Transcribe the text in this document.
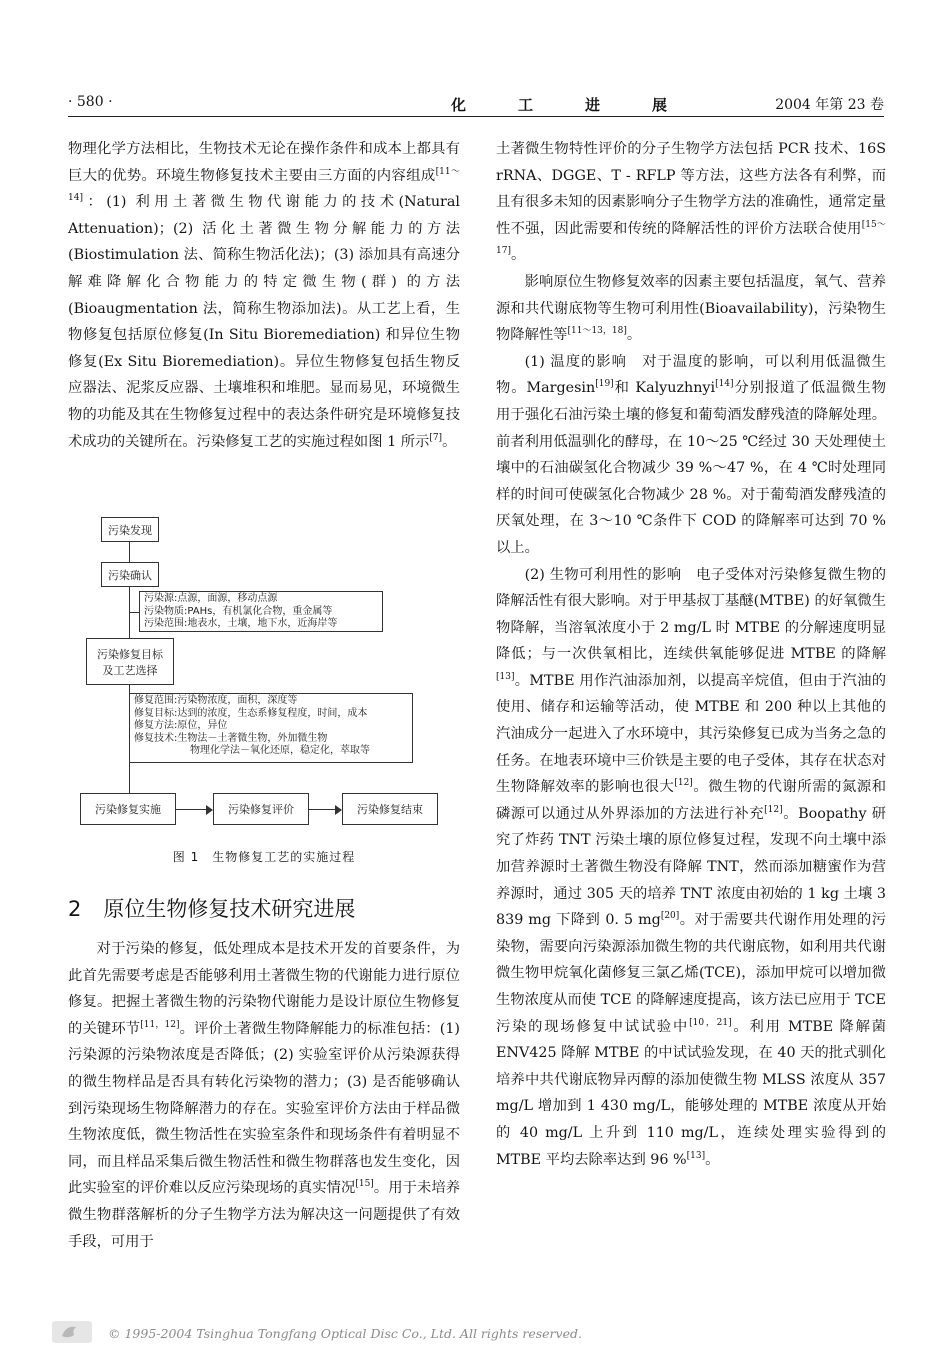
· 580 ·	化工进展	2004 年第 23 卷

物理化学方法相比，生物技术无论在操作条件和成本上都具有巨大的优势。环境生物修复技术主要由三方面的内容组成[11～14]：(1) 利用土著微生物代谢能力的技术(Natural Attenuation)；(2) 活化土著微生物分解能力的方法(Biostimulation 法、简称生物活化法)；(3) 添加具有高速分解难降解化合物能力的特定微生物(群) 的方法(Bioaugmentation 法，简称生物添加法)。从工艺上看，生物修复包括原位修复(In Situ Bioremediation) 和异位生物修复(Ex Situ Bioremediation)。异位生物修复包括生物反应器法、泥浆反应器、土壤堆积和堆肥。显而易见，环境微生物的功能及其在生物修复过程中的表达条件研究是环境修复技术成功的关键所在。污染修复工艺的实施过程如图 1 所示[7]。

污染发现
污染确认
污染源:点源，面源，移动点源
污染物质:PAHs，有机氯化合物，重金属等
污染范围:地表水，土壤，地下水，近海岸等
污染修复目标
及工艺选择
修复范围:污染物浓度，面积，深度等
修复目标:达到的浓度，生态系修复程度，时间，成本
修复方法:原位，异位
修复技术:生物法－土著微生物，外加微生物
物理化学法－氧化还原，稳定化，萃取等
污染修复实施	污染修复评价	污染修复结束
图 1　生物修复工艺的实施过程
2 原位生物修复技术研究进展

对于污染的修复，低处理成本是技术开发的首要条件，为此首先需要考虑是否能够利用土著微生物的代谢能力进行原位修复。把握土著微生物的污染物代谢能力是设计原位生物修复的关键环节[11，12]。评价土著微生物降解能力的标准包括：(1) 污染源的污染物浓度是否降低；(2) 实验室评价从污染源获得的微生物样品是否具有转化污染物的潜力；(3) 是否能够确认到污染现场生物降解潜力的存在。实验室评价方法由于样品微生物浓度低，微生物活性在实验室条件和现场条件有着明显不同，而且样品采集后微生物活性和微生物群落也发生变化，因此实验室的评价难以反应污染现场的真实情况[15]。用于未培养微生物群落解析的分子生物学方法为解决这一问题提供了有效手段，可用于

土著微生物特性评价的分子生物学方法包括 PCR 技术、16S rRNA、DGGE、T - RFLP 等方法，这些方法各有利弊，而且有很多未知的因素影响分子生物学方法的准确性，通常定量性不强，因此需要和传统的降解活性的评价方法联合使用[15～17]。

影响原位生物修复效率的因素主要包括温度，氧气、营养源和共代谢底物等生物可利用性(Bioavailability)，污染物生物降解性等[11～13，18]。

(1) 温度的影响　对于温度的影响，可以利用低温微生物。Margesin[19]和 Kalyuzhnyi[14]分别报道了低温微生物用于强化石油污染土壤的修复和葡萄酒发酵残渣的降解处理。前者利用低温驯化的酵母，在 10～25 ℃经过 30 天处理使土壤中的石油碳氢化合物减少 39 %～47 %，在 4 ℃时处理同样的时间可使碳氢化合物减少 28 %。对于葡萄酒发酵残渣的厌氧处理，在 3～10 ℃条件下 COD 的降解率可达到 70 %以上。

(2) 生物可利用性的影响　电子受体对污染修复微生物的降解活性有很大影响。对于甲基叔丁基醚(MTBE) 的好氧微生物降解，当溶氧浓度小于 2 mg/L 时 MTBE 的分解速度明显降低；与一次供氧相比，连续供氧能够促进 MTBE 的降解[13]。MTBE 用作汽油添加剂，以提高辛烷值，但由于汽油的使用、储存和运输等活动，使 MTBE 和 200 种以上其他的汽油成分一起进入了水环境中，其污染修复已成为当务之急的任务。在地表环境中三价铁是主要的电子受体，其存在状态对生物降解效率的影响也很大[12]。微生物的代谢所需的氮源和磷源可以通过从外界添加的方法进行补充[12]。Boopathy 研究了炸药 TNT 污染土壤的原位修复过程，发现不向土壤中添加营养源时土著微生物没有降解 TNT，然而添加糖蜜作为营养源时，通过 305 天的培养 TNT 浓度由初始的 1 kg 土壤 3 839 mg 下降到 0. 5 mg[20]。对于需要共代谢作用处理的污染物，需要向污染源添加微生物的共代谢底物，如利用共代谢微生物甲烷氧化菌修复三氯乙烯(TCE)，添加甲烷可以增加微生物浓度从而使 TCE 的降解速度提高，该方法已应用于 TCE 污染的现场修复中试试验中[10，21]。利用 MTBE 降解菌 ENV425 降解 MTBE 的中试试验发现，在 40 天的批式驯化培养中共代谢底物异丙醇的添加使微生物 MLSS 浓度从 357 mg/L 增加到 1 430 mg/L，能够处理的 MTBE 浓度从开始的 40 mg/L 上升到 110 mg/L，连续处理实验得到的 MTBE 平均去除率达到 96 %[13]。

© 1995-2004 Tsinghua Tongfang Optical Disc Co., Ltd. All rights reserved.
